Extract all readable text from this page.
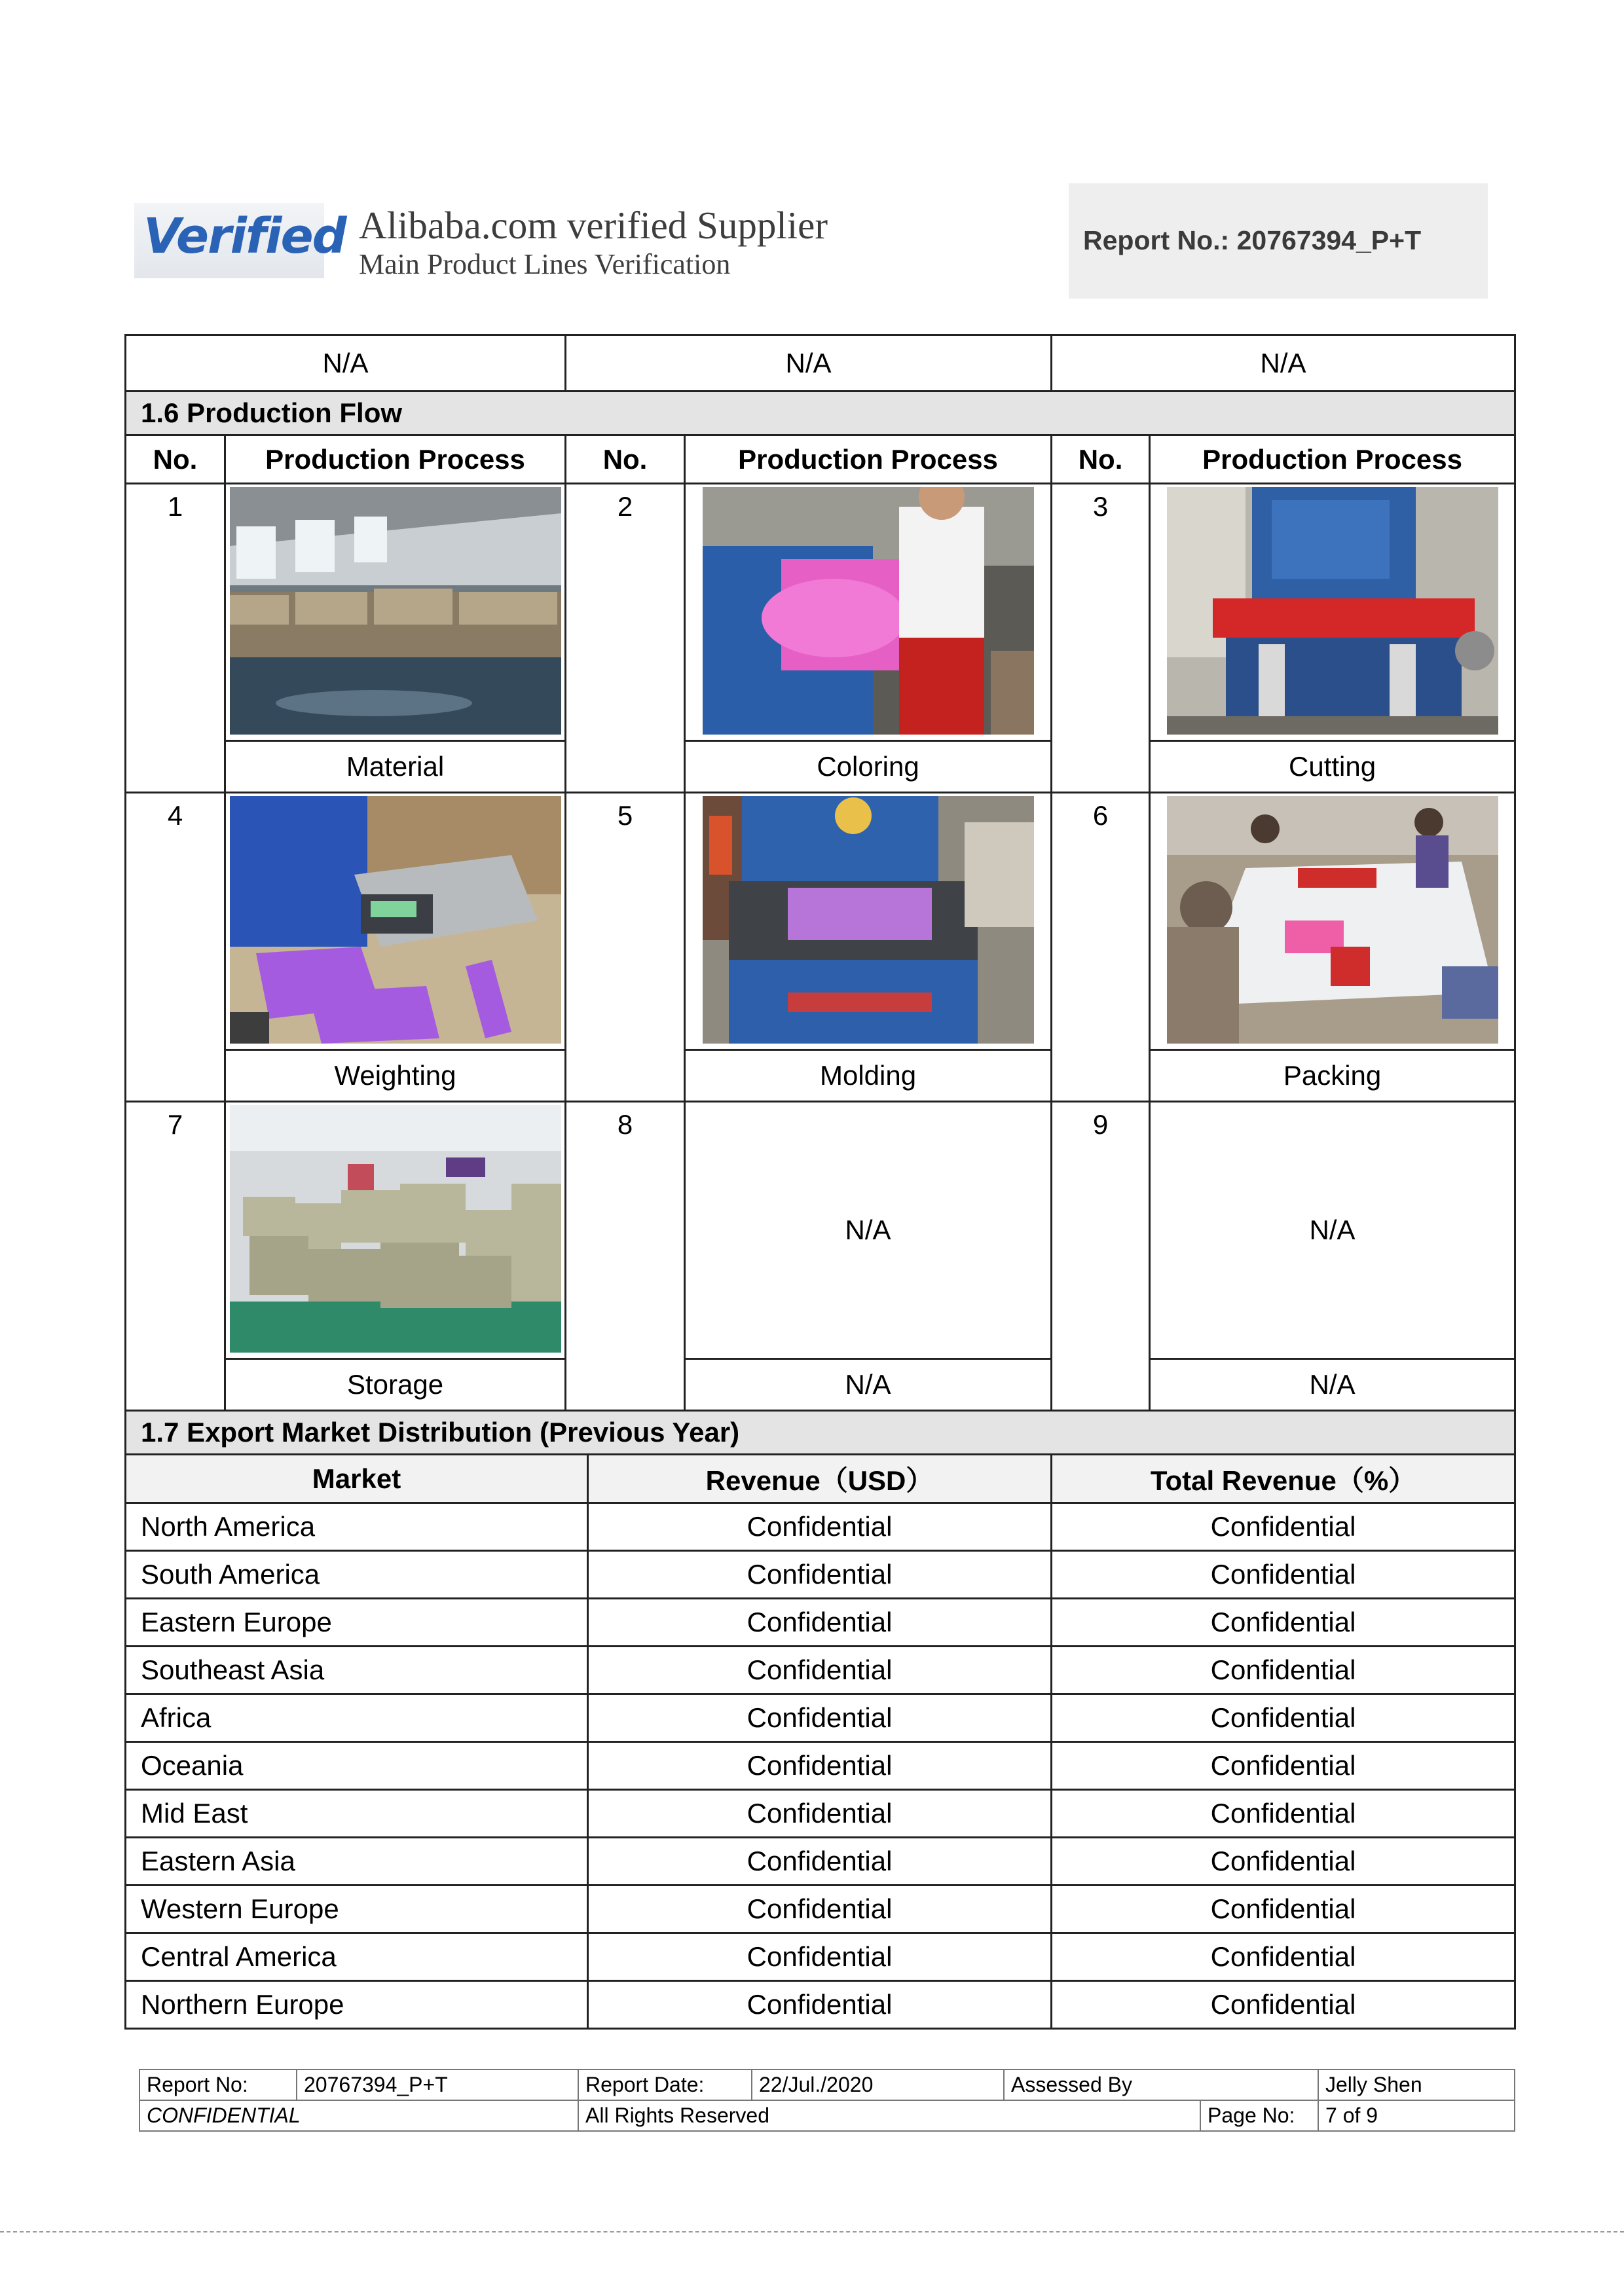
Verified Alibaba.com verified Supplier
Main Product Lines Verification
Report No.: 20767394_P+T
N/A		N/A			N/A	
1.6 Production Flow						
No.	Production Process	No.		Production Process	No.	Production Process
1		2			3	

	Material			Coloring		Cutting
4		5			6	

	Weighting			Molding		Packing
7		8		N/A	9	N/A
	Storage			N/A		N/A
1.7 Export Market Distribution (Previous Year)						
Market			Revenue（USD）		Total Revenue（%）	
North America			Confidential		Confidential	
South America			Confidential		Confidential	
Eastern Europe			Confidential		Confidential	
Southeast Asia			Confidential		Confidential	
Africa			Confidential		Confidential	
Oceania			Confidential		Confidential	
Mid East			Confidential		Confidential	
Eastern Asia			Confidential		Confidential	
Western Europe			Confidential		Confidential	
Central America			Confidential		Confidential	
Northern Europe			Confidential		Confidential	
Report No:	20767394_P+T	Report Date:	22/Jul./2020	Assessed By		Jelly Shen
CONFIDENTIAL		All Rights Reserved			Page No:	7 of 9
